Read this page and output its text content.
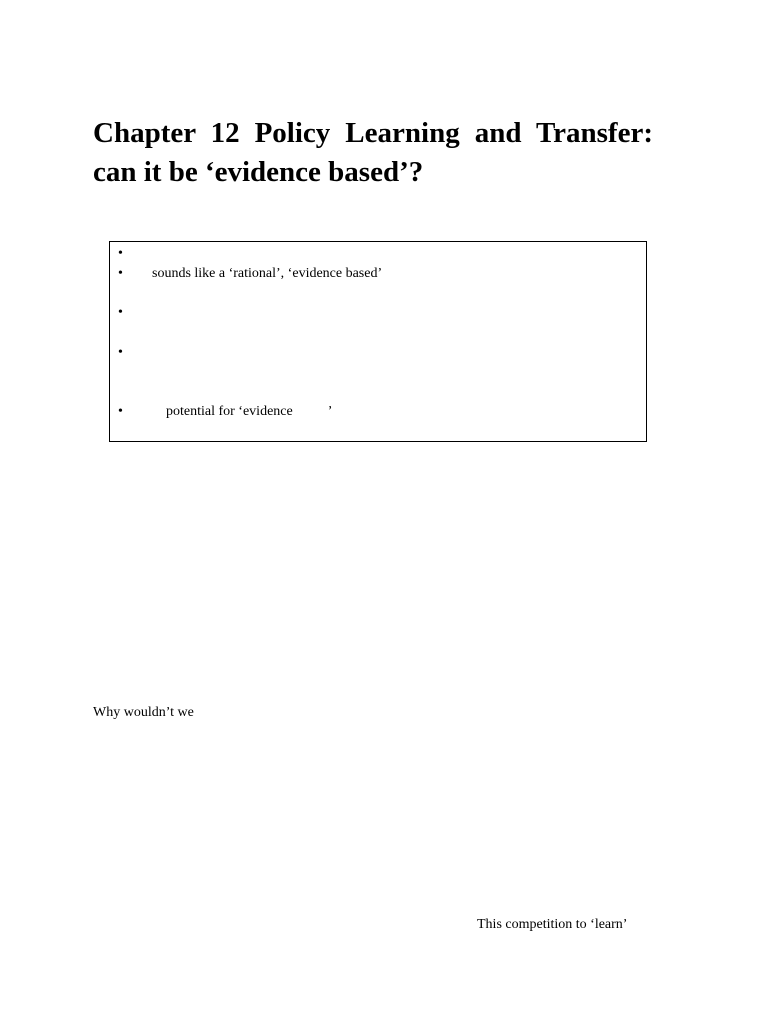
Chapter 12 Policy Learning and Transfer: can it be ‘evidence based’?
•
• sounds like a ‘rational’, ‘evidence based’
•
•
•	potential for ‘evidence          ’

Why wouldn’t we

This competition to ‘learn’
